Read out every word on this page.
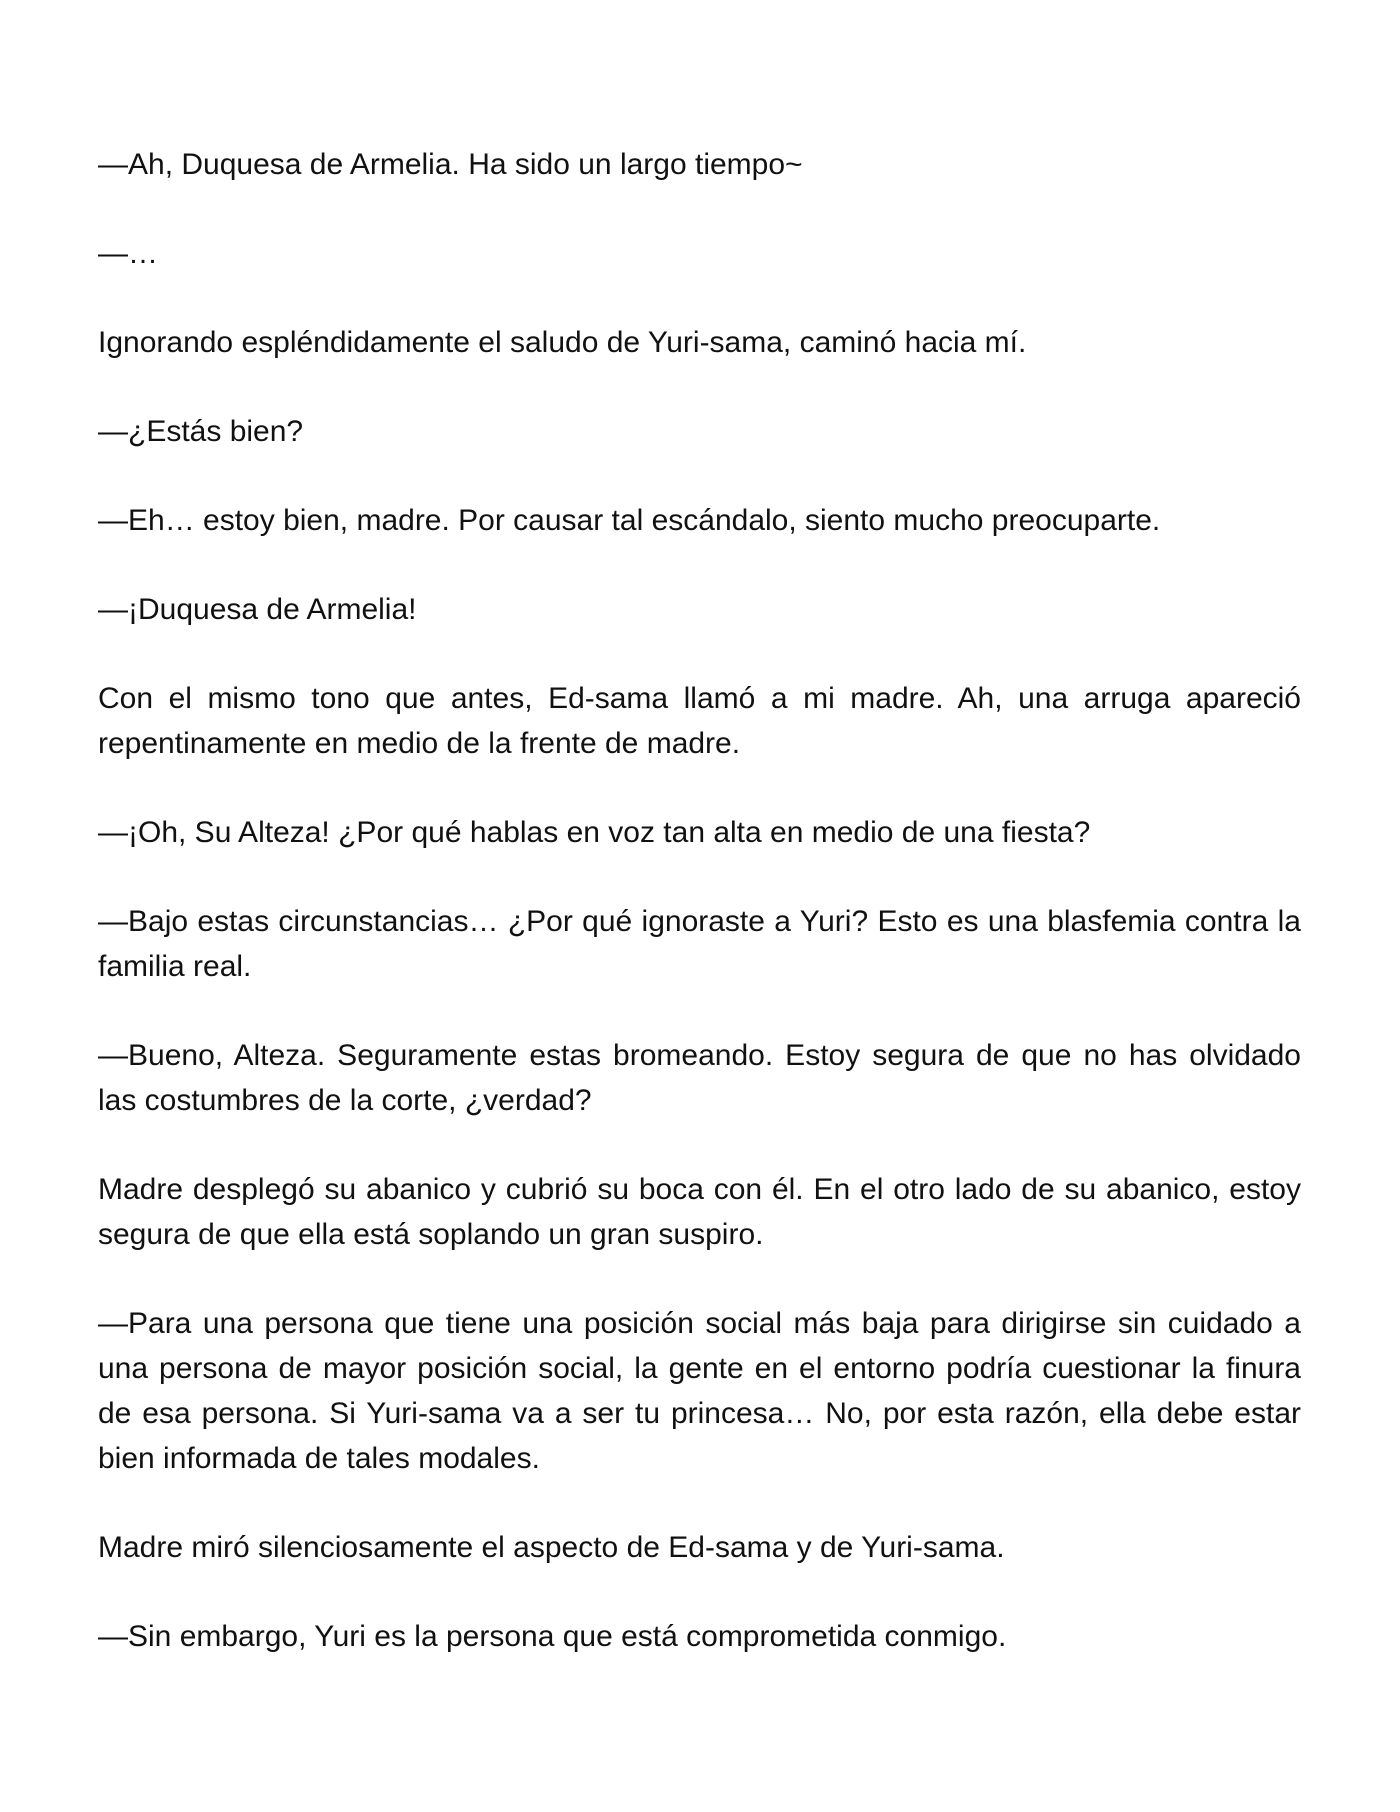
—Ah, Duquesa de Armelia. Ha sido un largo tiempo~

—…

Ignorando espléndidamente el saludo de Yuri-sama, caminó hacia mí.

—¿Estás bien?

—Eh… estoy bien, madre. Por causar tal escándalo, siento mucho preocuparte.

—¡Duquesa de Armelia!

Con el mismo tono que antes, Ed-sama llamó a mi madre. Ah, una arruga apareció repentinamente en medio de la frente de madre.

—¡Oh, Su Alteza! ¿Por qué hablas en voz tan alta en medio de una fiesta?

—Bajo estas circunstancias… ¿Por qué ignoraste a Yuri? Esto es una blasfemia contra la familia real.

—Bueno, Alteza. Seguramente estas bromeando. Estoy segura de que no has olvidado las costumbres de la corte, ¿verdad?

Madre desplegó su abanico y cubrió su boca con él. En el otro lado de su abanico, estoy segura de que ella está soplando un gran suspiro.

—Para una persona que tiene una posición social más baja para dirigirse sin cuidado a una persona de mayor posición social, la gente en el entorno podría cuestionar la finura de esa persona. Si Yuri-sama va a ser tu princesa… No, por esta razón, ella debe estar bien informada de tales modales.

Madre miró silenciosamente el aspecto de Ed-sama y de Yuri-sama.

—Sin embargo, Yuri es la persona que está comprometida conmigo.
